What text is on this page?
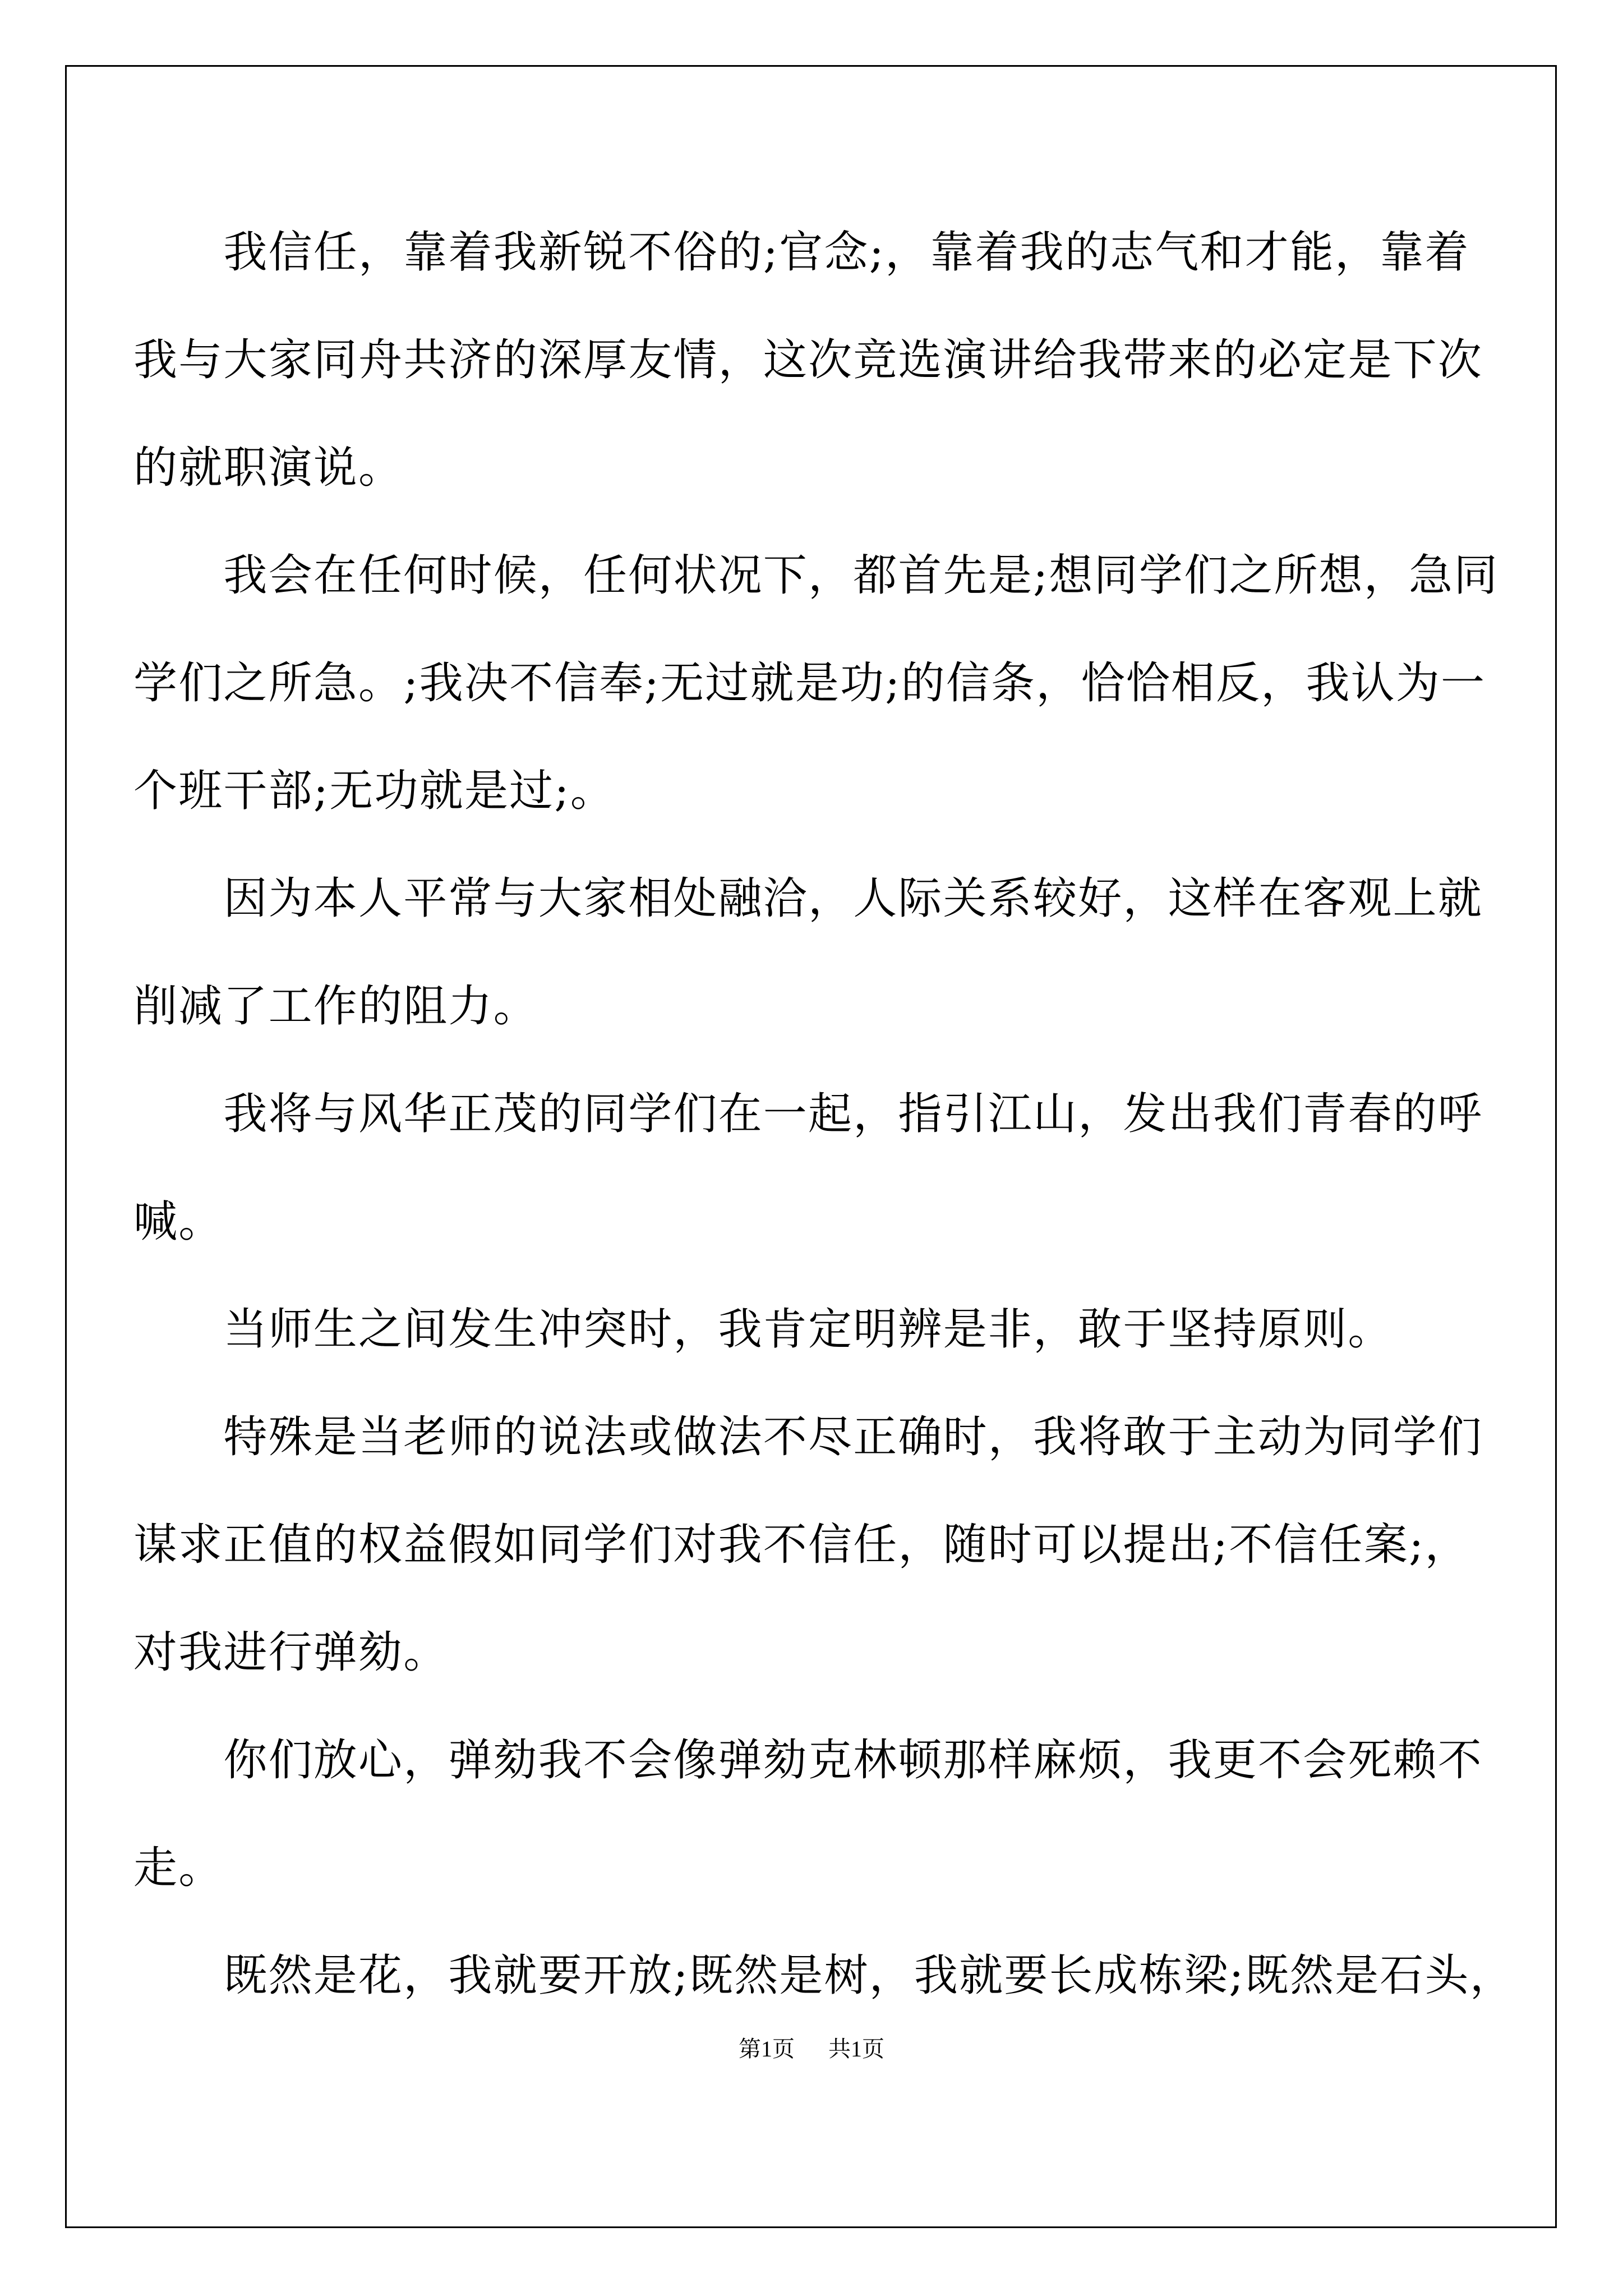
　　我信任，靠着我新锐不俗的;官念;，靠着我的志气和才能，靠着

我与大家同舟共济的深厚友情，这次竞选演讲给我带来的必定是下次

的就职演说。

　　我会在任何时候，任何状况下，都首先是;想同学们之所想，急同

学们之所急。;我决不信奉;无过就是功;的信条，恰恰相反，我认为一

个班干部;无功就是过;。

　　因为本人平常与大家相处融洽，人际关系较好，这样在客观上就

削减了工作的阻力。

　　我将与风华正茂的同学们在一起，指引江山，发出我们青春的呼

喊。

　　当师生之间发生冲突时，我肯定明辨是非，敢于坚持原则。

　　特殊是当老师的说法或做法不尽正确时，我将敢于主动为同学们

谋求正值的权益假如同学们对我不信任，随时可以提出;不信任案;，

对我进行弹劾。

　　你们放心，弹劾我不会像弹劾克林顿那样麻烦，我更不会死赖不

走。

　　既然是花，我就要开放;既然是树，我就要长成栋梁;既然是石头，

第1页 共1页
